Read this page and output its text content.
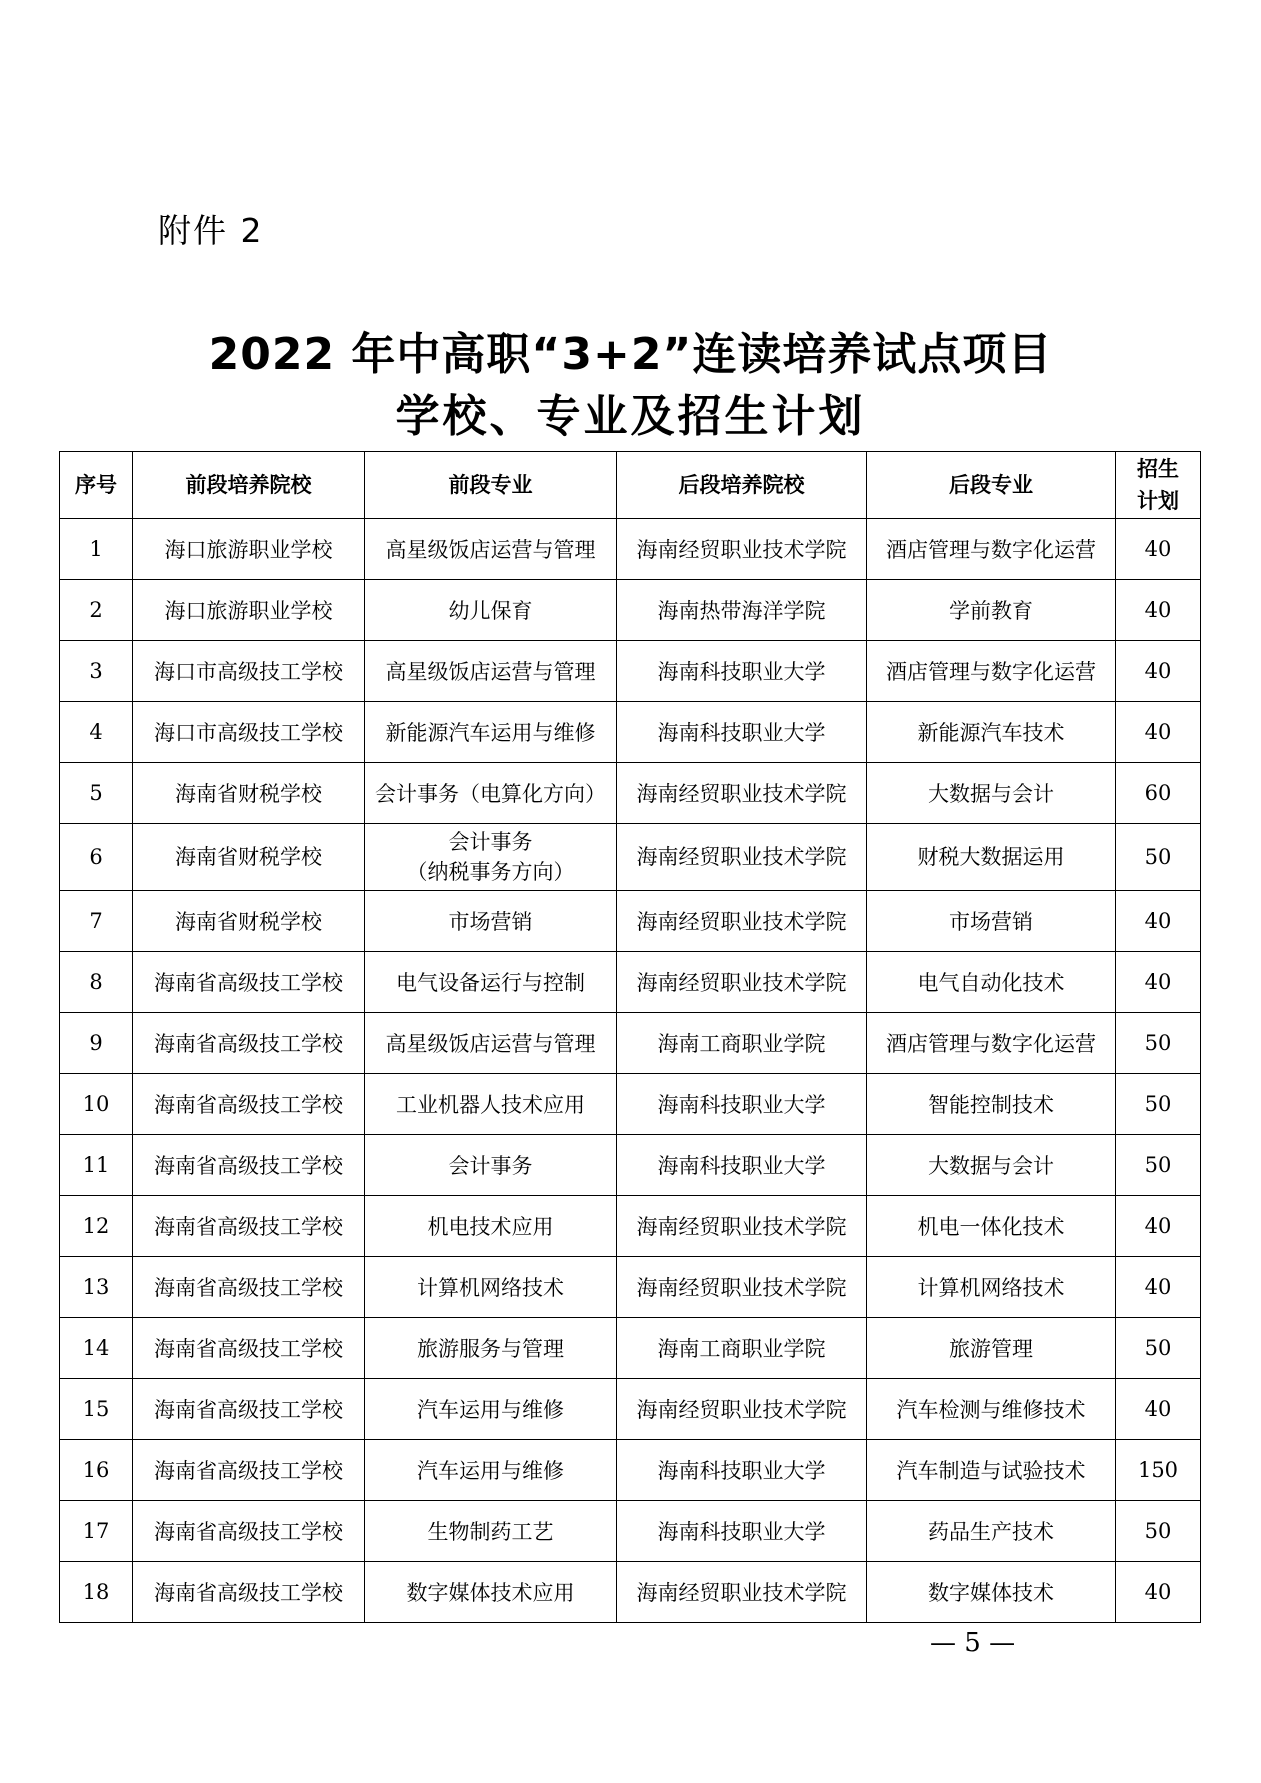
附件 2
2022 年中高职“3+2”连读培养试点项目
学校、专业及招生计划
序号	前段培养院校	前段专业	后段培养院校	后段专业	招生
计划

1	海口旅游职业学校	高星级饭店运营与管理	海南经贸职业技术学院	酒店管理与数字化运营	40
2	海口旅游职业学校	幼儿保育	海南热带海洋学院	学前教育	40
3	海口市高级技工学校	高星级饭店运营与管理	海南科技职业大学	酒店管理与数字化运营	40
4	海口市高级技工学校	新能源汽车运用与维修	海南科技职业大学	新能源汽车技术	40
5	海南省财税学校	会计事务（电算化方向）	海南经贸职业技术学院	大数据与会计	60
6	海南省财税学校	会计事务
（纳税事务方向）	海南经贸职业技术学院	财税大数据运用	50
7	海南省财税学校	市场营销	海南经贸职业技术学院	市场营销	40
8	海南省高级技工学校	电气设备运行与控制	海南经贸职业技术学院	电气自动化技术	40
9	海南省高级技工学校	高星级饭店运营与管理	海南工商职业学院	酒店管理与数字化运营	50
10	海南省高级技工学校	工业机器人技术应用	海南科技职业大学	智能控制技术	50
11	海南省高级技工学校	会计事务	海南科技职业大学	大数据与会计	50
12	海南省高级技工学校	机电技术应用	海南经贸职业技术学院	机电一体化技术	40
13	海南省高级技工学校	计算机网络技术	海南经贸职业技术学院	计算机网络技术	40
14	海南省高级技工学校	旅游服务与管理	海南工商职业学院	旅游管理	50
15	海南省高级技工学校	汽车运用与维修	海南经贸职业技术学院	汽车检测与维修技术	40
16	海南省高级技工学校	汽车运用与维修	海南科技职业大学	汽车制造与试验技术	150
17	海南省高级技工学校	生物制药工艺	海南科技职业大学	药品生产技术	50
18	海南省高级技工学校	数字媒体技术应用	海南经贸职业技术学院	数字媒体技术	40
— 5 —
